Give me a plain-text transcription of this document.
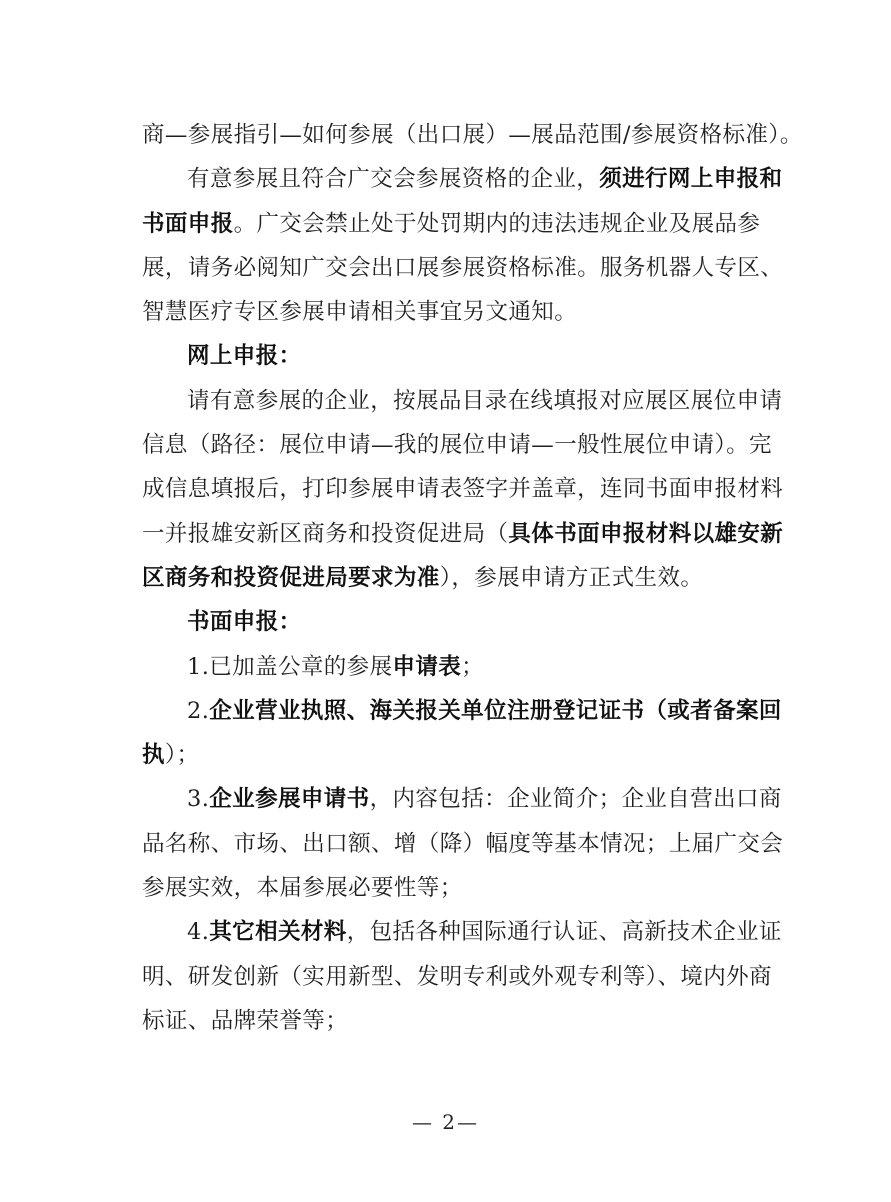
商—参展指引—如何参展（出口展）—展品范围/参展资格标准）。
有意参展且符合广交会参展资格的企业，须进行网上申报和
书面申报。广交会禁止处于处罚期内的违法违规企业及展品参
展，请务必阅知广交会出口展参展资格标准。服务机器人专区、
智慧医疗专区参展申请相关事宜另文通知。
网上申报：
请有意参展的企业，按展品目录在线填报对应展区展位申请
信息（路径：展位申请—我的展位申请—一般性展位申请）。完
成信息填报后，打印参展申请表签字并盖章，连同书面申报材料
一并报雄安新区商务和投资促进局（具体书面申报材料以雄安新
区商务和投资促进局要求为准），参展申请方正式生效。
书面申报：
1.已加盖公章的参展申请表；
2.企业营业执照、海关报关单位注册登记证书（或者备案回
执）；
3.企业参展申请书，内容包括：企业简介；企业自营出口商
品名称、市场、出口额、增（降）幅度等基本情况；上届广交会
参展实效，本届参展必要性等；
4.其它相关材料，包括各种国际通行认证、高新技术企业证
明、研发创新（实用新型、发明专利或外观专利等）、境内外商
标证、品牌荣誉等；
— 2—
